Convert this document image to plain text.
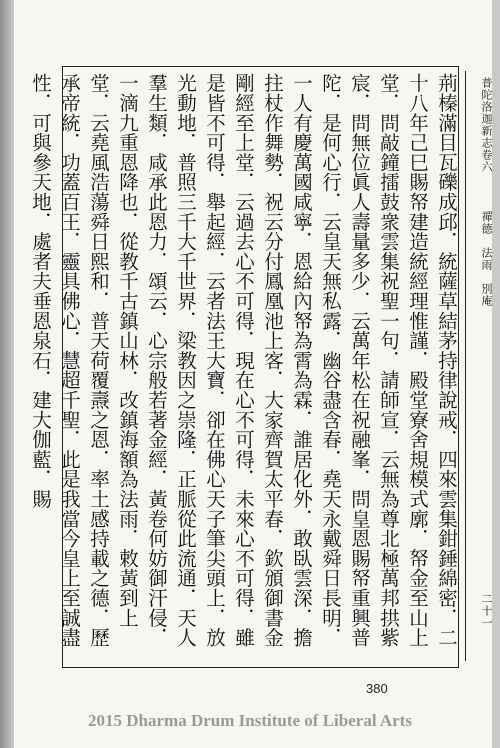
普陀洛迦新志
卷六
禪德　法雨　別庵
二十一
荊榛滿目瓦礫成邱．統薩草結茅持律說戒．四來雲集鉗錘綿密．二十八年己巳賜帑建造統經理惟謹．殿堂寮舍規模式廓．帑金至山上堂．問敲鐘擂鼓衆雲集祝聖一句．請師宣．云無為尊北極萬邦拱紫宸．問無位眞人壽量多少．云萬年松在祝融峯．問皇恩賜帑重興普陀．是何心行．云皇天無私露．幽谷盡含春．堯天永戴舜日長明．一人有慶萬國咸寧．恩給內帑為霄為霖．誰居化外．敢臥雲深．擔拄杖作舞勢．祝云分付鳳凰池上客．大家齊賀太平春．欽頒御書金剛經至上堂．云過去心不可得．現在心不可得．未來心不可得．雖是皆不可得．舉起經．云者法王大寶．卻在佛心天子筆尖頭上．放光動地．普照三千大千世界．梁教因之崇隆．正脈從此流通．天人羣生類．咸承此恩力．頌云．心宗般若著金經．黃卷何妨御汗侵．一滴九重恩降也．從教千古鎮山林．改鎮海額為法雨．敕黃到上堂．云堯風浩蕩舜日熙和．普天荷覆燾之恩．率土感持載之德．歷承帝統．功蓋百王．靈具佛心．慧超千聖．此是我當今皇上至誠盡性．可與參天地．處者夫垂恩泉石．建大伽藍．賜
380
2015 Dharma Drum Institute of Liberal Arts
